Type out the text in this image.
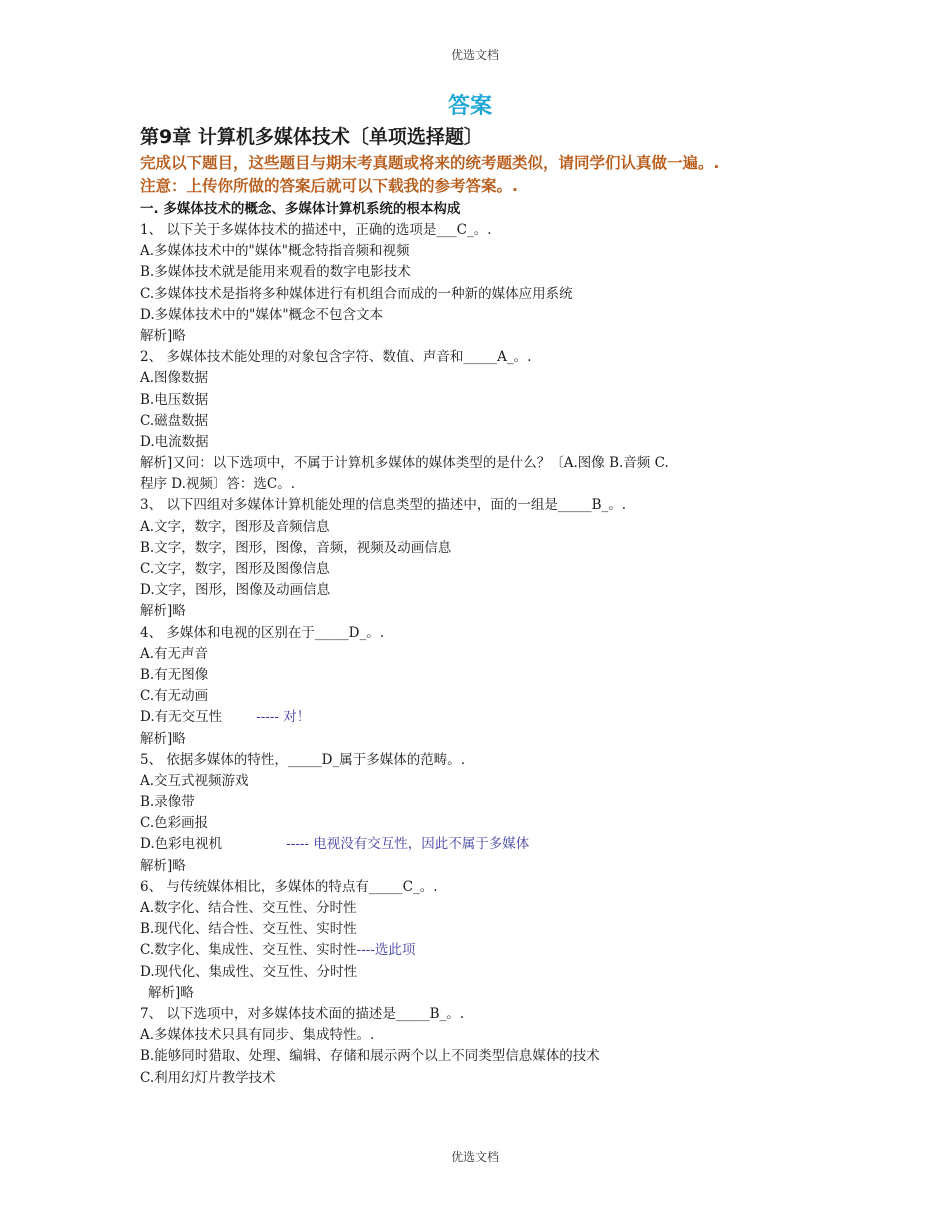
优选文档
答案
第9章 计算机多媒体技术〔单项选择题〕
完成以下题目，这些题目与期末考真题或将来的统考题类似，请同学们认真做一遍。.
注意：上传你所做的答案后就可以下载我的参考答案。.
一. 多媒体技术的概念、多媒体计算机系统的根本构成
1、 以下关于多媒体技术的描述中，正确的选项是___C_。.
A.多媒体技术中的"媒体"概念特指音频和视频
B.多媒体技术就是能用来观看的数字电影技术
C.多媒体技术是指将多种媒体进行有机组合而成的一种新的媒体应用系统
D.多媒体技术中的"媒体"概念不包含文本
解析]略
2、 多媒体技术能处理的对象包含字符、数值、声音和_____A_。.
A.图像数据
B.电压数据
C.磁盘数据
D.电流数据
解析]又问：以下选项中，不属于计算机多媒体的媒体类型的是什么？〔A.图像 B.音频 C.
程序 D.视频〕答：选C。.
3、 以下四组对多媒体计算机能处理的信息类型的描述中，面的一组是_____B_。.
A.文字，数字，图形及音频信息
B.文字，数字，图形，图像，音频，视频及动画信息
C.文字，数字，图形及图像信息
D.文字，图形，图像及动画信息
解析]略
4、 多媒体和电视的区别在于_____D_。.
A.有无声音
B.有无图像
C.有无动画
D.有无交互性	----- 对！
解析]略
5、 依据多媒体的特性，_____D_属于多媒体的范畴。.
A.交互式视频游戏
B.录像带
C.色彩画报
D.色彩电视机	----- 电视没有交互性，因此不属于多媒体
解析]略
6、 与传统媒体相比，多媒体的特点有_____C_。.
A.数字化、结合性、交互性、分时性
B.现代化、结合性、交互性、实时性
C.数字化、集成性、交互性、实时性----选此项
D.现代化、集成性、交互性、分时性
解析]略
7、 以下选项中，对多媒体技术面的描述是_____B_。.
A.多媒体技术只具有同步、集成特性。.
B.能够同时猎取、处理、编辑、存储和展示两个以上不同类型信息媒体的技术
C.利用幻灯片教学技术
优选文档
